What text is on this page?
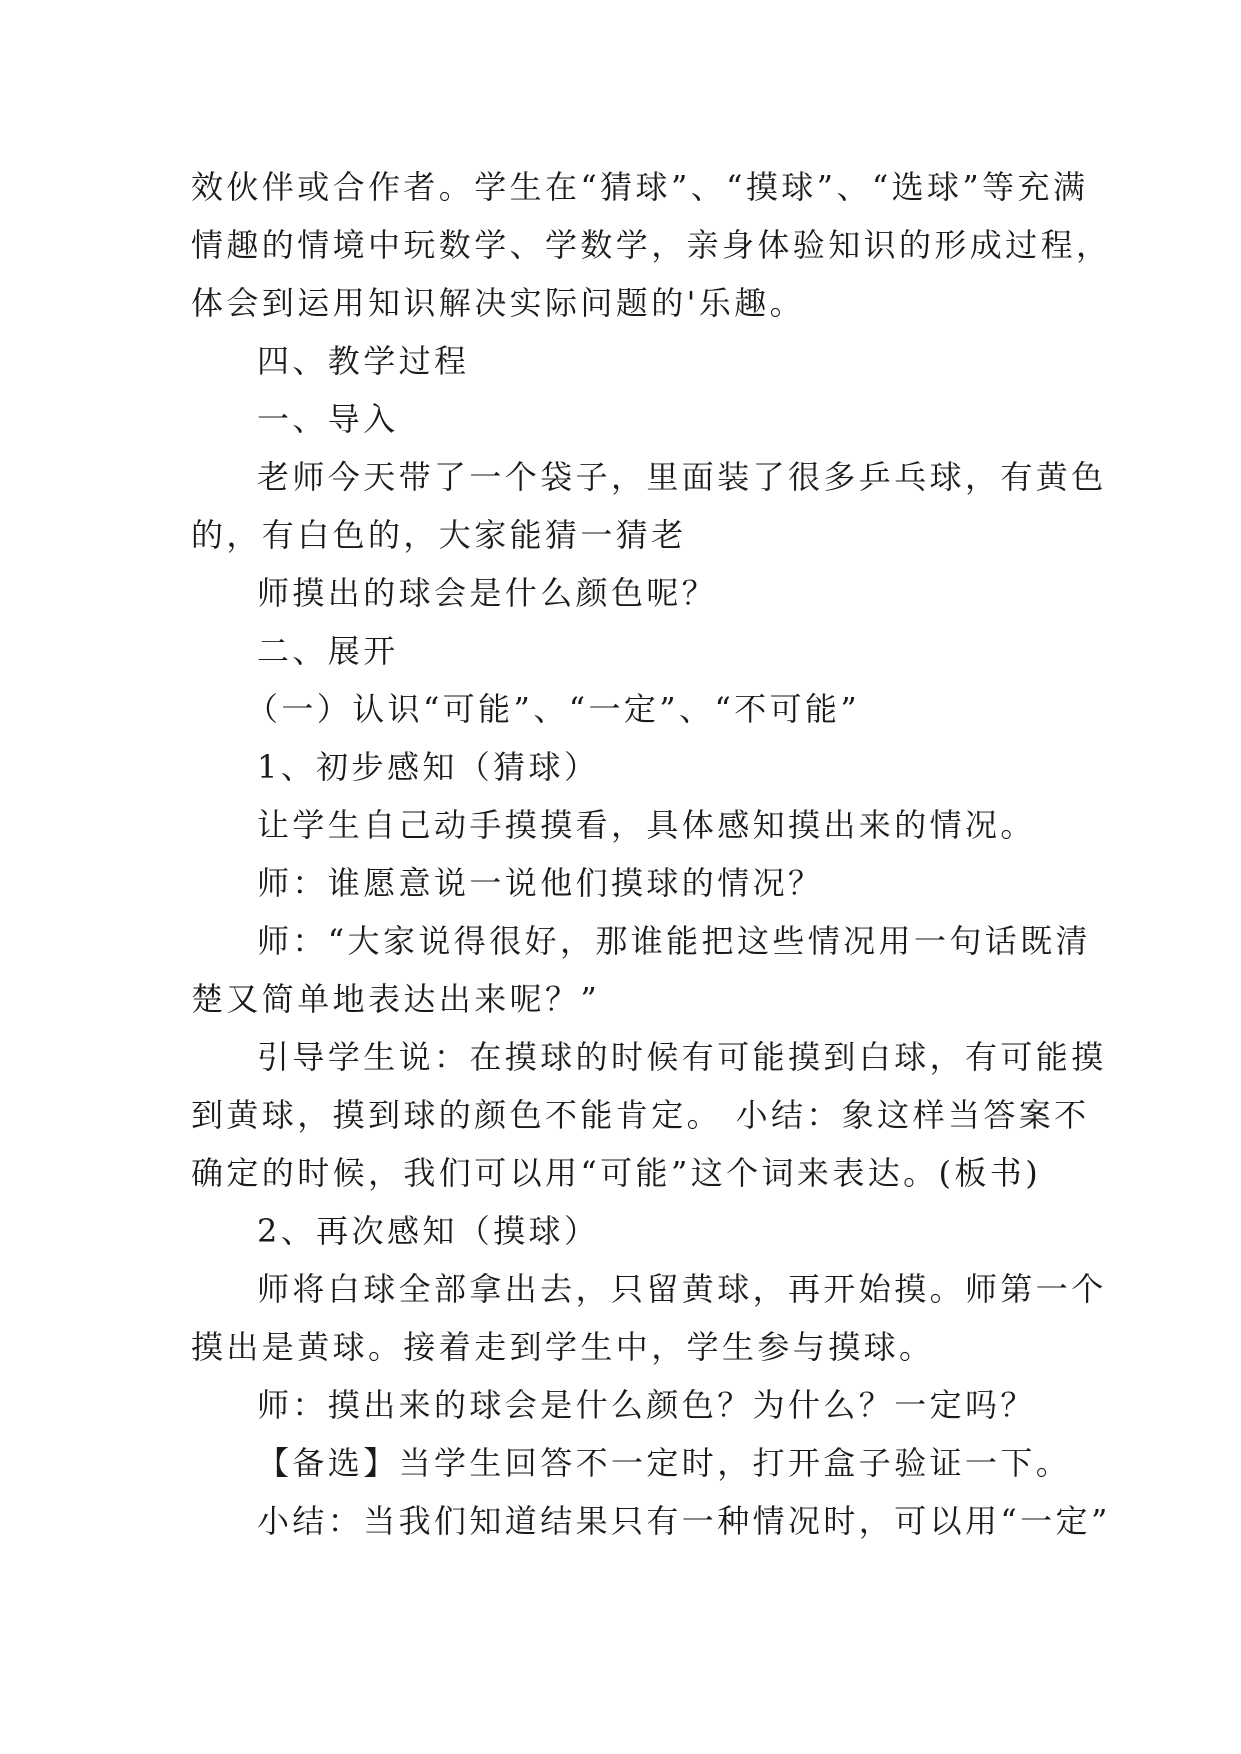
效伙伴或合作者。学生在“猜球”、“摸球”、“选球”等充满
情趣的情境中玩数学、学数学，亲身体验知识的形成过程，
体会到运用知识解决实际问题的'乐趣。
四、教学过程
一、导入
老师今天带了一个袋子，里面装了很多乒乓球，有黄色
的，有白色的，大家能猜一猜老
师摸出的球会是什么颜色呢？
二、展开
（一）认识“可能”、“一定”、“不可能”
1、初步感知（猜球）
让学生自己动手摸摸看，具体感知摸出来的情况。
师：谁愿意说一说他们摸球的情况？
师：“大家说得很好，那谁能把这些情况用一句话既清
楚又简单地表达出来呢？”
引导学生说：在摸球的时候有可能摸到白球，有可能摸
到黄球，摸到球的颜色不能肯定。 小结：象这样当答案不
确定的时候，我们可以用“可能”这个词来表达。(板书)
2、再次感知（摸球）
师将白球全部拿出去，只留黄球，再开始摸。师第一个
摸出是黄球。接着走到学生中，学生参与摸球。
师：摸出来的球会是什么颜色？为什么？一定吗？
【备选】当学生回答不一定时，打开盒子验证一下。
小结：当我们知道结果只有一种情况时，可以用“一定”
